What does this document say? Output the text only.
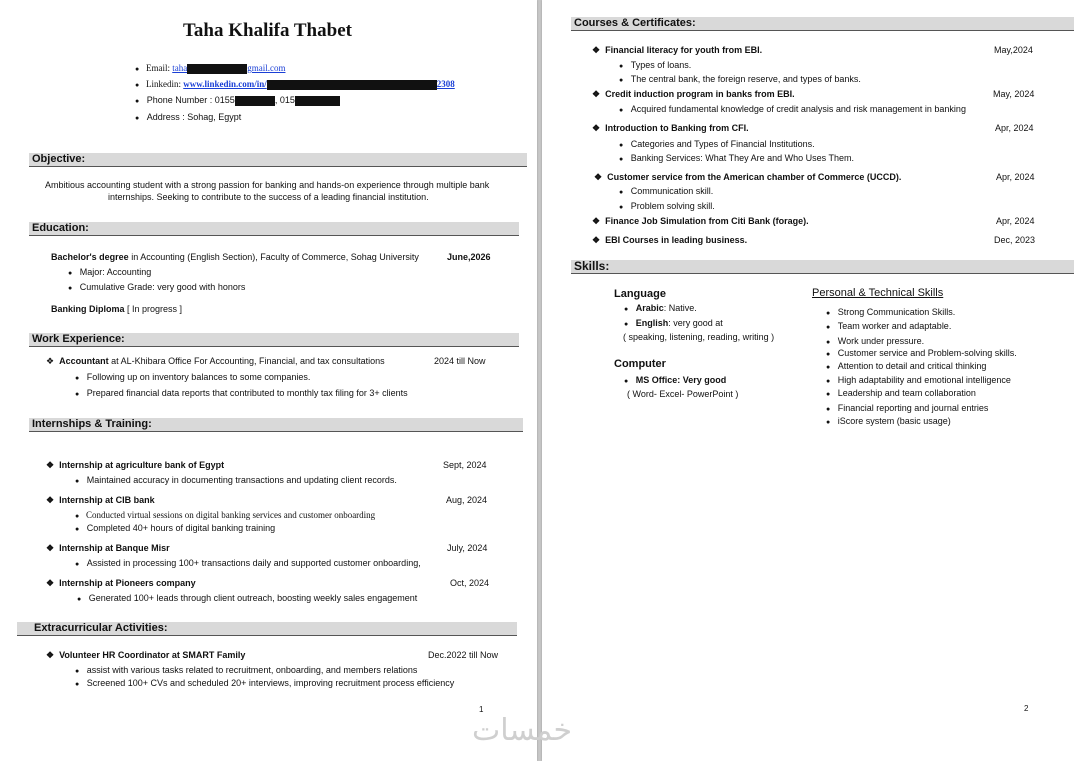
Taha Khalifa Thabet
● Email: taha	gmail.com
● Linkedin: www.linkedin.com/in/	2308
● Phone Number : 0155	, 015
● Address : Sohag, Egypt
Objective:
Ambitious accounting student with a strong passion for banking and hands-on experience through multiple bank
internships. Seeking to contribute to the success of a leading financial institution.
Education:
Bachelor's degree in Accounting (English Section), Faculty of Commerce, Sohag University	June,2026
● Major: Accounting
● Cumulative Grade: very good with honors
Banking Diploma [ In progress ]
Work Experience:
❖ Accountant at AL-Khibara Office For Accounting, Financial, and tax consultations	2024 till Now
● Following up on inventory balances to some companies.
● Prepared financial data reports that contributed to monthly tax filing for 3+ clients
Internships & Training:
❖ Internship at agriculture bank of Egypt	Sept, 2024
● Maintained accuracy in documenting transactions and updating client records.
❖ Internship at CIB bank	Aug, 2024
● Conducted virtual sessions on digital banking services and customer onboarding
● Completed 40+ hours of digital banking training
❖ Internship at Banque Misr	July, 2024
● Assisted in processing 100+ transactions daily and supported customer onboarding,
❖ Internship at Pioneers company	Oct, 2024
● Generated 100+ leads through client outreach, boosting weekly sales engagement
Extracurricular Activities:
❖ Volunteer HR Coordinator at SMART Family	Dec.2022 till Now
● assist with various tasks related to recruitment, onboarding, and members relations
● Screened 100+ CVs and scheduled 20+ interviews, improving recruitment process efficiency
1
Courses & Certificates:
❖ Financial literacy for youth from EBI.	May,2024
● Types of loans.
● The central bank, the foreign reserve, and types of banks.
❖ Credit induction program in banks from EBI.	May, 2024
● Acquired fundamental knowledge of credit analysis and risk management in banking
❖ Introduction to Banking from CFI.	Apr, 2024
● Categories and Types of Financial Institutions.
● Banking Services: What They Are and Who Uses Them.
❖ Customer service from the American chamber of Commerce (UCCD).	Apr, 2024
● Communication skill.
● Problem solving skill.
❖ Finance Job Simulation from Citi Bank (forage).	Apr, 2024
❖ EBI Courses in leading business.	Dec, 2023
Skills:
Language
● Arabic: Native.
● English: very good at
( speaking, listening, reading, writing )
Computer
● MS Office: Very good
( Word- Excel- PowerPoint )
Personal & Technical Skills
● Strong Communication Skills.
● Team worker and adaptable.
● Work under pressure.
● Customer service and Problem-solving skills.
● Attention to detail and critical thinking
● High adaptability and emotional intelligence
● Leadership and team collaboration
● Financial reporting and journal entries
● iScore system (basic usage)
2
خمسات
